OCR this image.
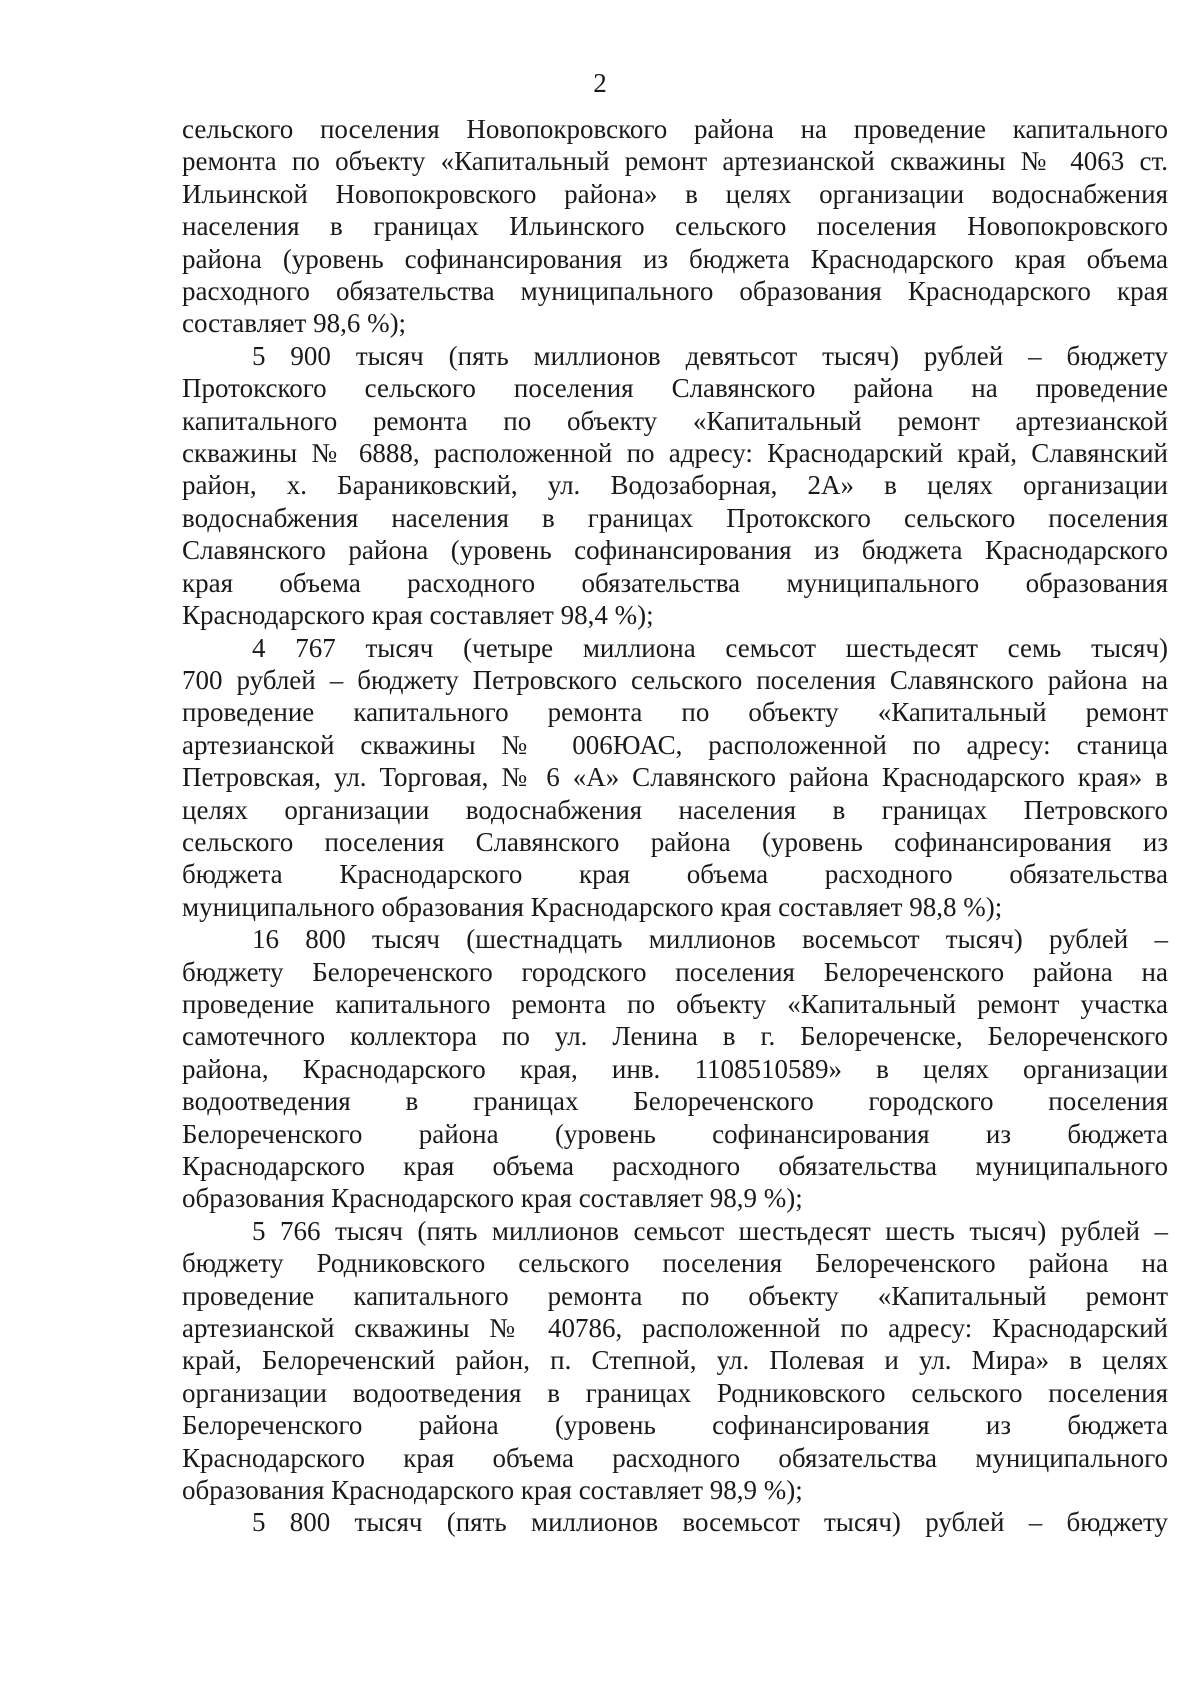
2
сельского поселения Новопокровского района на проведение капитального
ремонта по объекту «Капитальный ремонт артезианской скважины № 4063 ст.
Ильинской Новопокровского района» в целях организации водоснабжения
населения в границах Ильинского сельского поселения Новопокровского
района (уровень софинансирования из бюджета Краснодарского края объема
расходного обязательства муниципального образования Краснодарского края
составляет 98,6 %);
5 900 тысяч (пять миллионов девятьсот тысяч) рублей – бюджету
Протокского сельского поселения Славянского района на проведение
капитального ремонта по объекту «Капитальный ремонт артезианской
скважины № 6888, расположенной по адресу: Краснодарский край, Славянский
район, х. Бараниковский, ул. Водозаборная, 2А» в целях организации
водоснабжения населения в границах Протокского сельского поселения
Славянского района (уровень софинансирования из бюджета Краснодарского
края объема расходного обязательства муниципального образования
Краснодарского края составляет 98,4 %);
4 767 тысяч (четыре миллиона семьсот шестьдесят семь тысяч)
700 рублей – бюджету Петровского сельского поселения Славянского района на
проведение капитального ремонта по объекту «Капитальный ремонт
артезианской скважины № 006ЮАС, расположенной по адресу: станица
Петровская, ул. Торговая, № 6 «А» Славянского района Краснодарского края» в
целях организации водоснабжения населения в границах Петровского
сельского поселения Славянского района (уровень софинансирования из
бюджета Краснодарского края объема расходного обязательства
муниципального образования Краснодарского края составляет 98,8 %);
16 800 тысяч (шестнадцать миллионов восемьсот тысяч) рублей –
бюджету Белореченского городского поселения Белореченского района на
проведение капитального ремонта по объекту «Капитальный ремонт участка
самотечного коллектора по ул. Ленина в г. Белореченске, Белореченского
района, Краснодарского края, инв. 1108510589» в целях организации
водоотведения в границах Белореченского городского поселения
Белореченского района (уровень софинансирования из бюджета
Краснодарского края объема расходного обязательства муниципального
образования Краснодарского края составляет 98,9 %);
5 766 тысяч (пять миллионов семьсот шестьдесят шесть тысяч) рублей –
бюджету Родниковского сельского поселения Белореченского района на
проведение капитального ремонта по объекту «Капитальный ремонт
артезианской скважины № 40786, расположенной по адресу: Краснодарский
край, Белореченский район, п. Степной, ул. Полевая и ул. Мира» в целях
организации водоотведения в границах Родниковского сельского поселения
Белореченского района (уровень софинансирования из бюджета
Краснодарского края объема расходного обязательства муниципального
образования Краснодарского края составляет 98,9 %);
5 800 тысяч (пять миллионов восемьсот тысяч) рублей – бюджету
